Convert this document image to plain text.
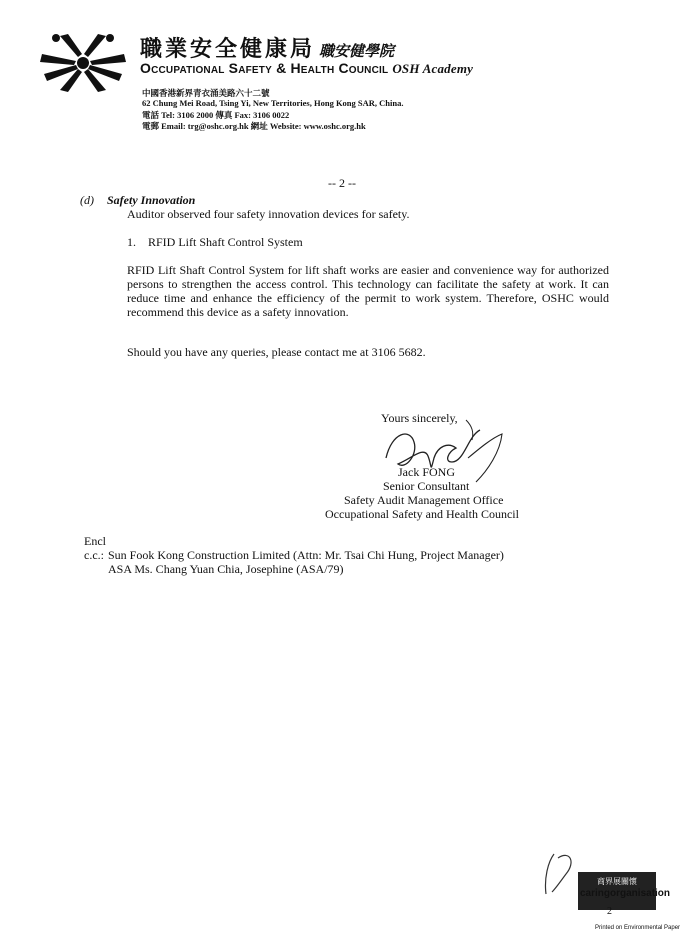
職業安全健康局 職安健學院
Occupational Safety & Health Council OSH Academy
中國香港新界青衣涌美路六十二號
62 Chung Mei Road, Tsing Yi, New Territories, Hong Kong SAR, China.
電話 Tel: 3106 2000 傳真 Fax: 3106 0022
電郵 Email: trg@oshc.org.hk 網址 Website: www.oshc.org.hk
-- 2 --
(d) Safety Innovation
Auditor observed four safety innovation devices for safety.
1. RFID Lift Shaft Control System
RFID Lift Shaft Control System for lift shaft works are easier and convenience way for authorized persons to strengthen the access control. This technology can facilitate the safety at work. It can reduce time and enhance the efficiency of the permit to work system. Therefore, OSHC would recommend this device as a safety innovation.
Should you have any queries, please contact me at 3106 5682.
Yours sincerely,
Jack FONG
Senior Consultant
Safety Audit Management Office
Occupational Safety and Health Council
Encl
c.c.: Sun Fook Kong Construction Limited (Attn: Mr. Tsai Chi Hung, Project Manager)
ASA Ms. Chang Yuan Chia, Josephine (ASA/79)
商界展關懷
caringorganisation
2
Printed on Environmental Paper
